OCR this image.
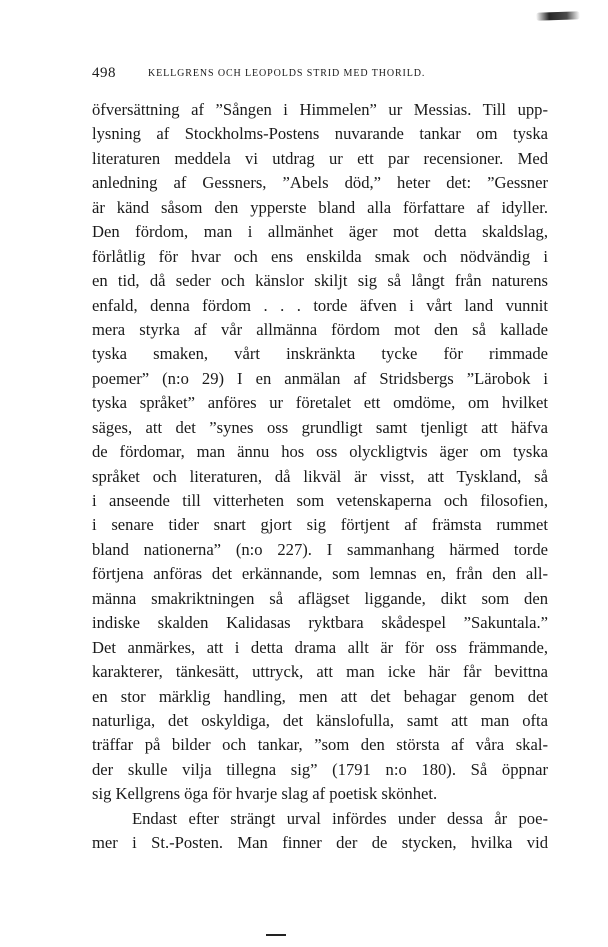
498	KELLGRENS OCH LEOPOLDS STRID MED THORILD.
öfversättning af ”Sången i Himmelen” ur Messias. Till upp-
lysning af Stockholms-Postens nuvarande tankar om tyska
literaturen meddela vi utdrag ur ett par recensioner. Med
anledning af Gessners, ”Abels död,” heter det: ”Gessner
är känd såsom den ypperste bland alla författare af idyller.
Den fördom, man i allmänhet äger mot detta skaldslag,
förlåtlig för hvar och ens enskilda smak och nödvändig i
en tid, då seder och känslor skiljt sig så långt från naturens
enfald, denna fördom . . . torde äfven i vårt land vunnit
mera styrka af vår allmänna fördom mot den så kallade
tyska smaken, vårt inskränkta tycke för rimmade
poemer” (n:o 29) I en anmälan af Stridsbergs ”Lärobok i
tyska språket” anföres ur företalet ett omdöme, om hvilket
säges, att det ”synes oss grundligt samt tjenligt att häfva
de fördomar, man ännu hos oss olyckligtvis äger om tyska
språket och literaturen, då likväl är visst, att Tyskland, så
i anseende till vitterheten som vetenskaperna och filosofien,
i senare tider snart gjort sig förtjent af främsta rummet
bland nationerna” (n:o 227). I sammanhang härmed torde
förtjena anföras det erkännande, som lemnas en, från den all-
männa smakriktningen så aflägset liggande, dikt som den
indiske skalden Kalidasas ryktbara skådespel ”Sakuntala.”
Det anmärkes, att i detta drama allt är för oss främmande,
karakterer, tänkesätt, uttryck, att man icke här får bevittna
en stor märklig handling, men att det behagar genom det
naturliga, det oskyldiga, det känslofulla, samt att man ofta
träffar på bilder och tankar, ”som den största af våra skal-
der skulle vilja tillegna sig” (1791 n:o 180). Så öppnar
sig Kellgrens öga för hvarje slag af poetisk skönhet.
Endast efter strängt urval infördes under dessa år poe-
mer i St.-Posten. Man finner der de stycken, hvilka vid
